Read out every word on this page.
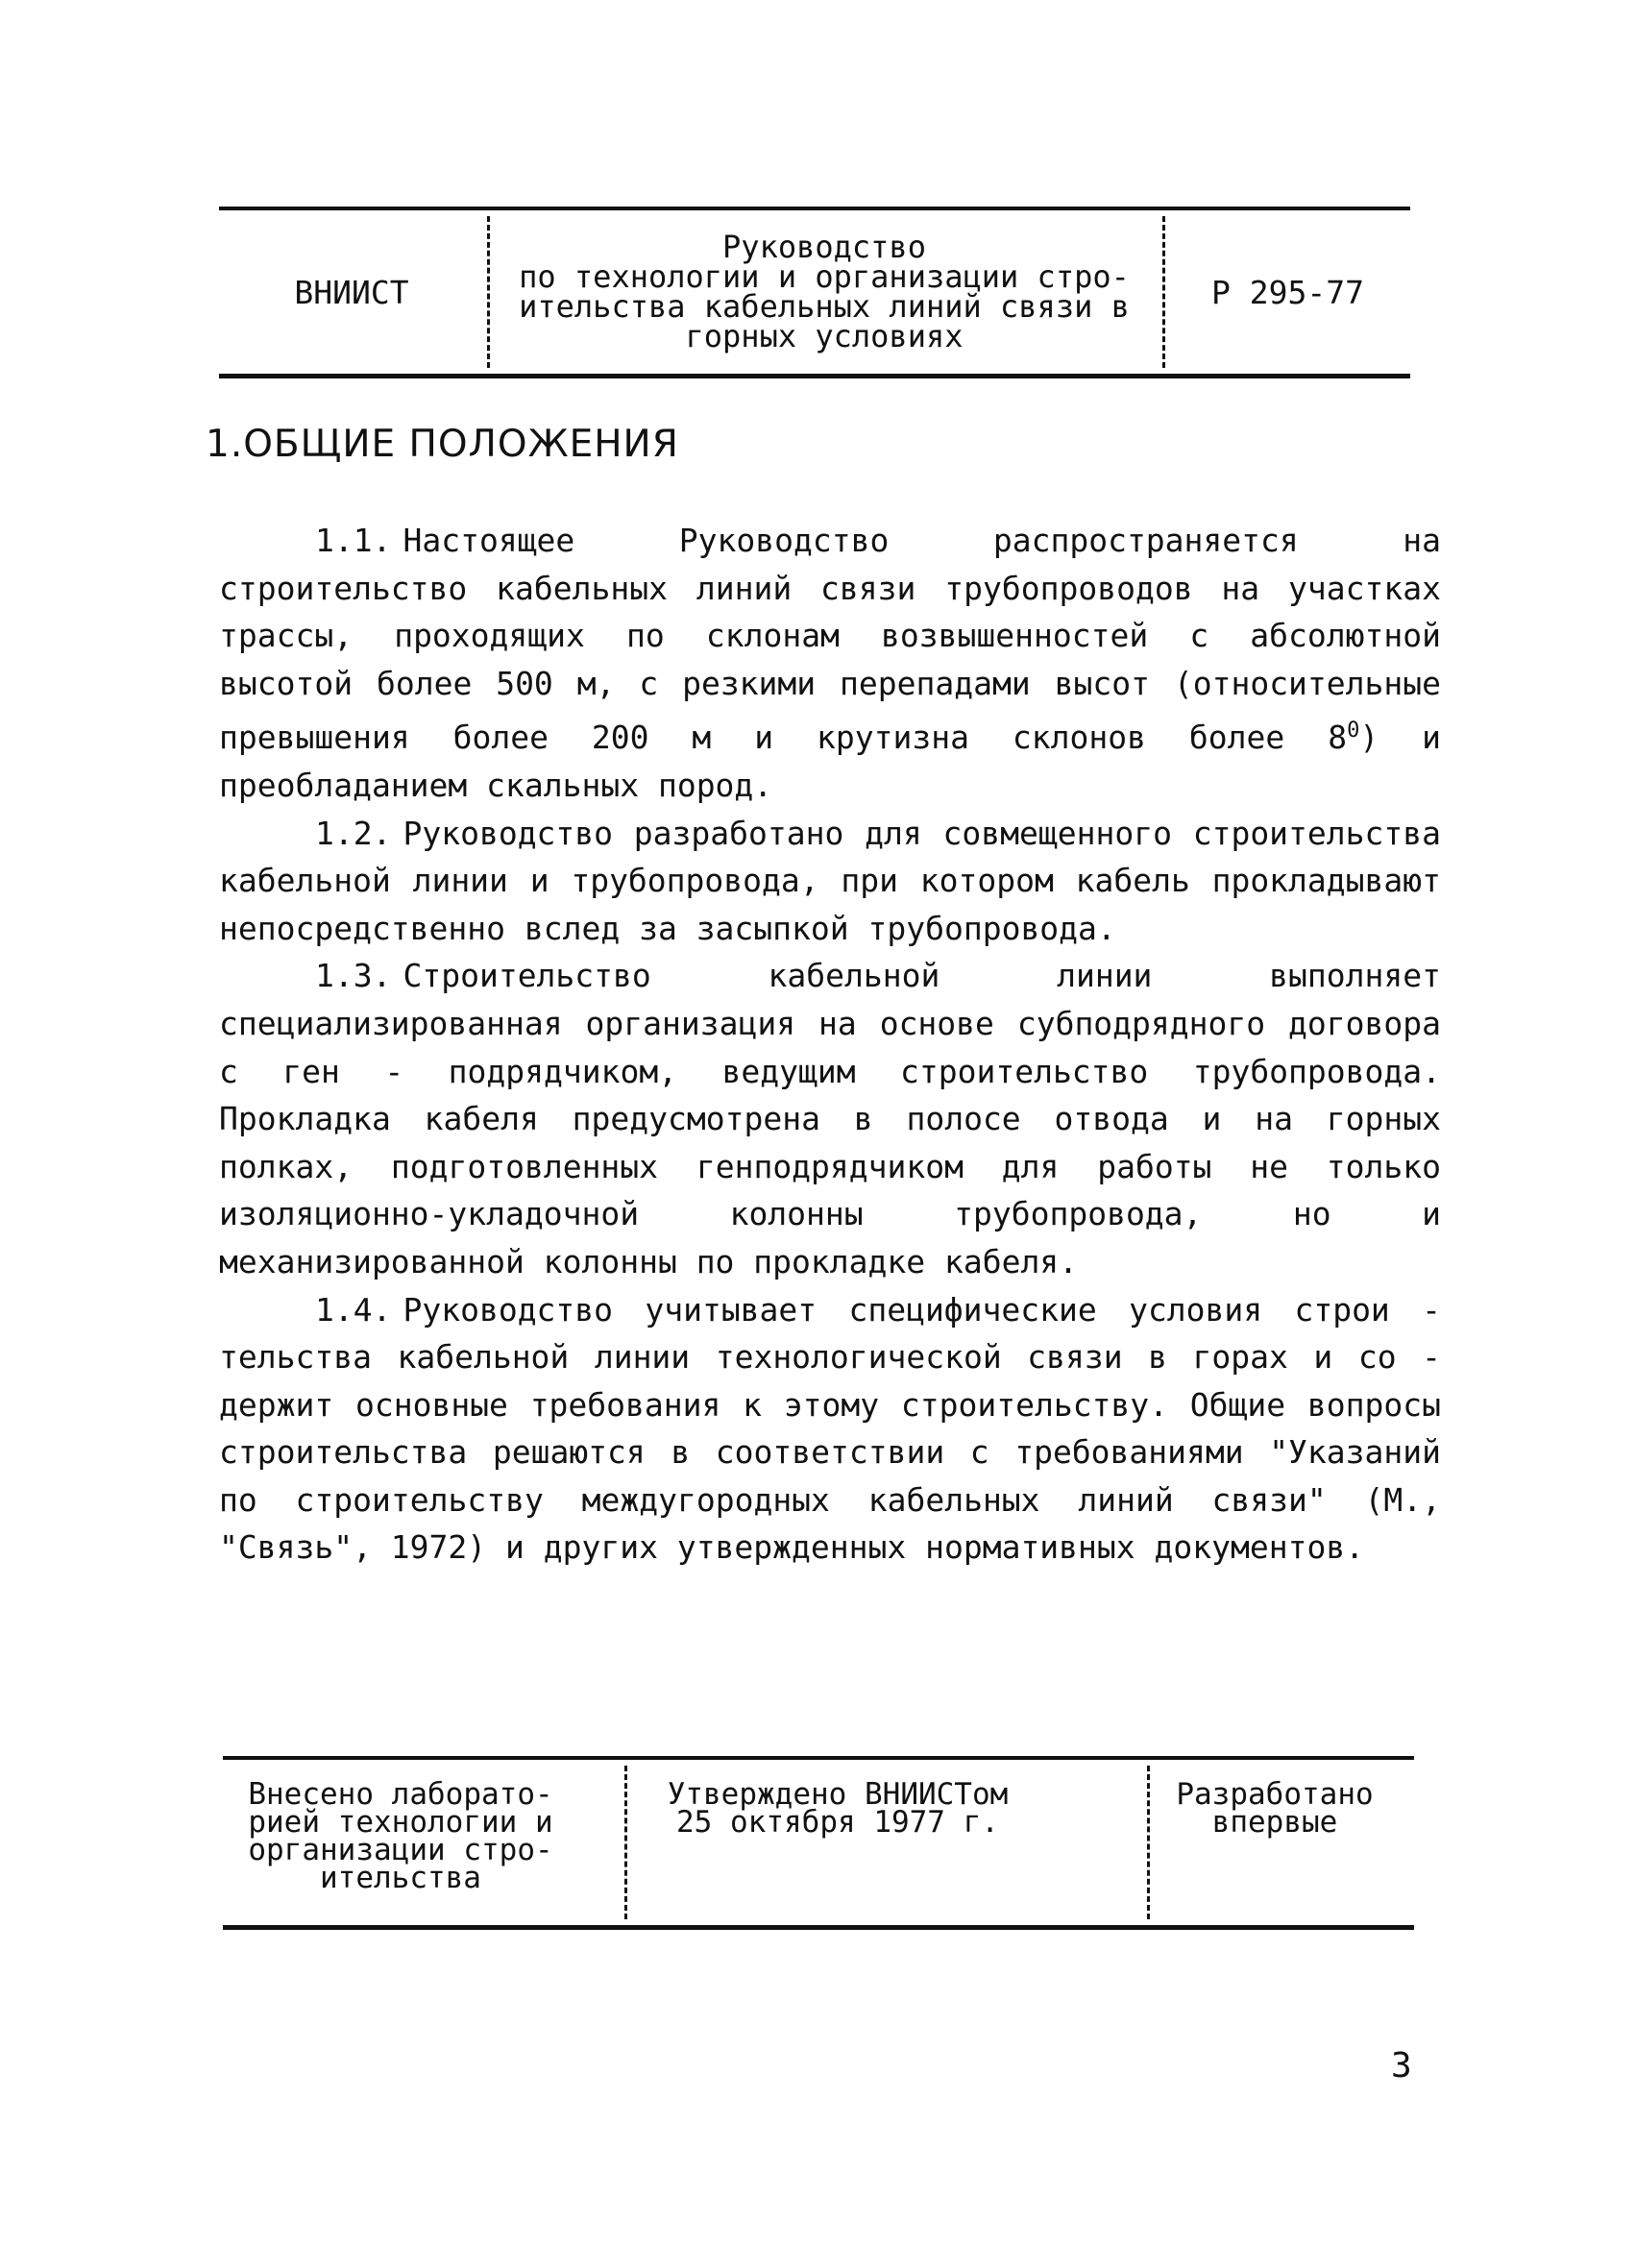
ВНИИСТ
Руководство
по технологии и организации стро-
ительства кабельных линий связи в
горных условиях
Р 295-77
1.ОБЩИЕ ПОЛОЖЕНИЯ

1.1. Настоящее Руководство распространяется на строительство кабельных линий связи трубопроводов на участках трассы, проходящих по склонам возвышенностей с абсолютной высотой более 500 м, с резкими перепадами высот (относительные превышения более 200 м и крутизна склонов более $8^0$) и преобладанием скальных пород.

1.2. Руководство разработано для совмещенного строительства кабельной линии и трубопровода, при котором кабель прокладывают непосредственно вслед за засыпкой трубопровода.

1.3. Строительство кабельной линии выполняет специализированная организация на основе субподрядного договора с ген - подрядчиком, ведущим строительство трубопровода. Прокладка кабеля предусмотрена в полосе отвода и на горных полках, подготовленных генподрядчиком для работы не только изоляционно-укладочной колонны трубопровода, но и механизированной колонны по прокладке кабеля.

1.4. Руководство учитывает специфические условия строи - тельства кабельной линии технологической связи в горах и со - держит основные требования к этому строительству. Общие вопросы строительства решаются в соответствии с требованиями "Указаний по строительству междугородных кабельных линий связи" (М., "Связь", 1972) и других утвержденных нормативных документов.

Внесено лаборато-
рией технологии и
организации стро-
ительства
Утверждено ВНИИСТом
25 октября 1977 г.
Разработано
впервые
3
